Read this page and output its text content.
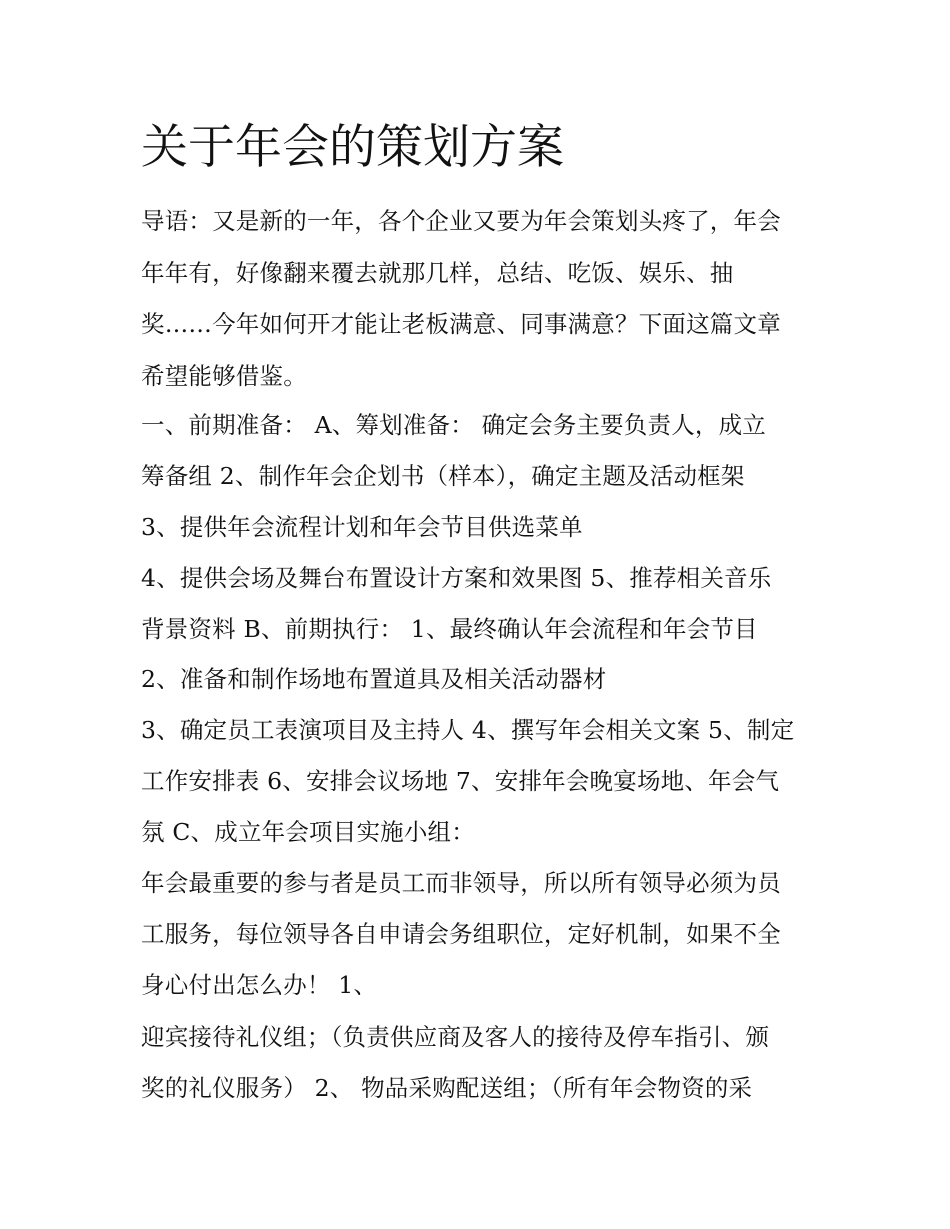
关于年会的策划方案

导语：又是新的一年，各个企业又要为年会策划头疼了，年会

年年有，好像翻来覆去就那几样，总结、吃饭、娱乐、抽

奖……今年如何开才能让老板满意、同事满意？下面这篇文章

希望能够借鉴。

一、前期准备： A、筹划准备： 确定会务主要负责人，成立

筹备组 2、制作年会企划书（样本），确定主题及活动框架

3、提供年会流程计划和年会节目供选菜单

4、提供会场及舞台布置设计方案和效果图 5、推荐相关音乐

背景资料 B、前期执行： 1、最终确认年会流程和年会节目

2、准备和制作场地布置道具及相关活动器材

3、确定员工表演项目及主持人 4、撰写年会相关文案 5、制定

工作安排表 6、安排会议场地 7、安排年会晚宴场地、年会气

氛 C、成立年会项目实施小组：

年会最重要的参与者是员工而非领导，所以所有领导必须为员

工服务，每位领导各自申请会务组职位，定好机制，如果不全

身心付出怎么办！ 1、

迎宾接待礼仪组；（负责供应商及客人的接待及停车指引、颁

奖的礼仪服务） 2、 物品采购配送组；（所有年会物资的采
